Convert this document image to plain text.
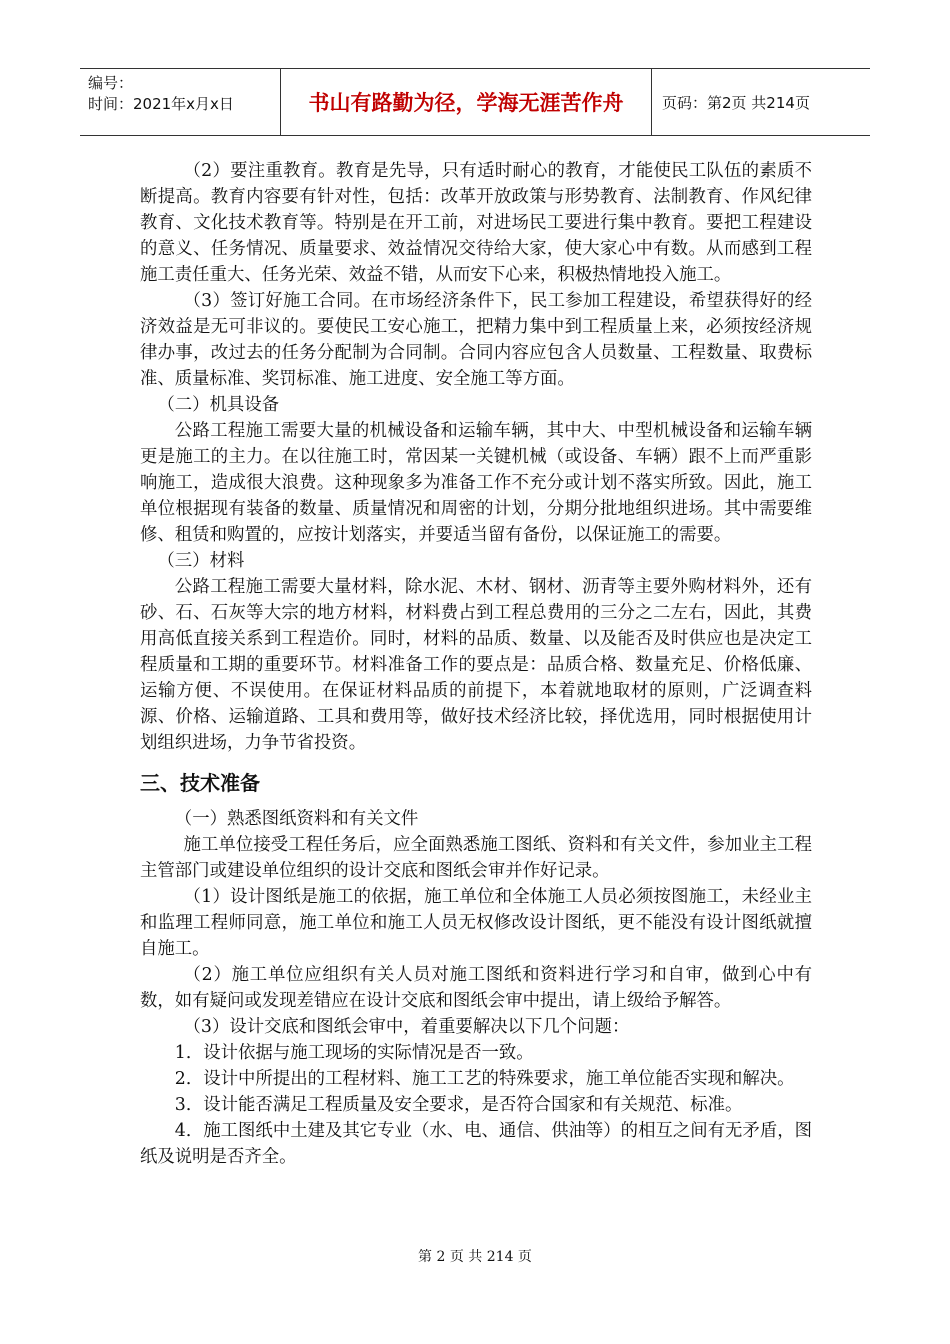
编号：
时间：2021年x月x日	书山有路勤为径，学海无涯苦作舟	页码：第2页 共214页

（2）要注重教育。教育是先导，只有适时耐心的教育，才能使民工队伍的素质不断提高。教育内容要有针对性，包括：改革开放政策与形势教育、法制教育、作风纪律教育、文化技术教育等。特别是在开工前，对进场民工要进行集中教育。要把工程建设的意义、任务情况、质量要求、效益情况交待给大家，使大家心中有数。从而感到工程施工责任重大、任务光荣、效益不错，从而安下心来，积极热情地投入施工。

（3）签订好施工合同。在市场经济条件下，民工参加工程建设，希望获得好的经济效益是无可非议的。要使民工安心施工，把精力集中到工程质量上来，必须按经济规律办事，改过去的任务分配制为合同制。合同内容应包含人员数量、工程数量、取费标准、质量标准、奖罚标准、施工进度、安全施工等方面。

（二）机具设备

公路工程施工需要大量的机械设备和运输车辆，其中大、中型机械设备和运输车辆更是施工的主力。在以往施工时，常因某一关键机械（或设备、车辆）跟不上而严重影响施工，造成很大浪费。这种现象多为准备工作不充分或计划不落实所致。因此，施工单位根据现有装备的数量、质量情况和周密的计划，分期分批地组织进场。其中需要维修、租赁和购置的，应按计划落实，并要适当留有备份，以保证施工的需要。

（三）材料

公路工程施工需要大量材料，除水泥、木材、钢材、沥青等主要外购材料外，还有砂、石、石灰等大宗的地方材料，材料费占到工程总费用的三分之二左右，因此，其费用高低直接关系到工程造价。同时，材料的品质、数量、以及能否及时供应也是决定工程质量和工期的重要环节。材料准备工作的要点是：品质合格、数量充足、价格低廉、运输方便、不误使用。在保证材料品质的前提下，本着就地取材的原则，广泛调查料源、价格、运输道路、工具和费用等，做好技术经济比较，择优选用，同时根据使用计划组织进场，力争节省投资。

三、技术准备

（一）熟悉图纸资料和有关文件

施工单位接受工程任务后，应全面熟悉施工图纸、资料和有关文件，参加业主工程主管部门或建设单位组织的设计交底和图纸会审并作好记录。

（1）设计图纸是施工的依据，施工单位和全体施工人员必须按图施工，未经业主和监理工程师同意，施工单位和施工人员无权修改设计图纸，更不能没有设计图纸就擅自施工。

（2）施工单位应组织有关人员对施工图纸和资料进行学习和自审，做到心中有数，如有疑问或发现差错应在设计交底和图纸会审中提出，请上级给予解答。

（3）设计交底和图纸会审中，着重要解决以下几个问题：

1．设计依据与施工现场的实际情况是否一致。

2．设计中所提出的工程材料、施工工艺的特殊要求，施工单位能否实现和解决。

3．设计能否满足工程质量及安全要求，是否符合国家和有关规范、标准。

4．施工图纸中土建及其它专业（水、电、通信、供油等）的相互之间有无矛盾，图纸及说明是否齐全。

第 2 页 共 214 页
